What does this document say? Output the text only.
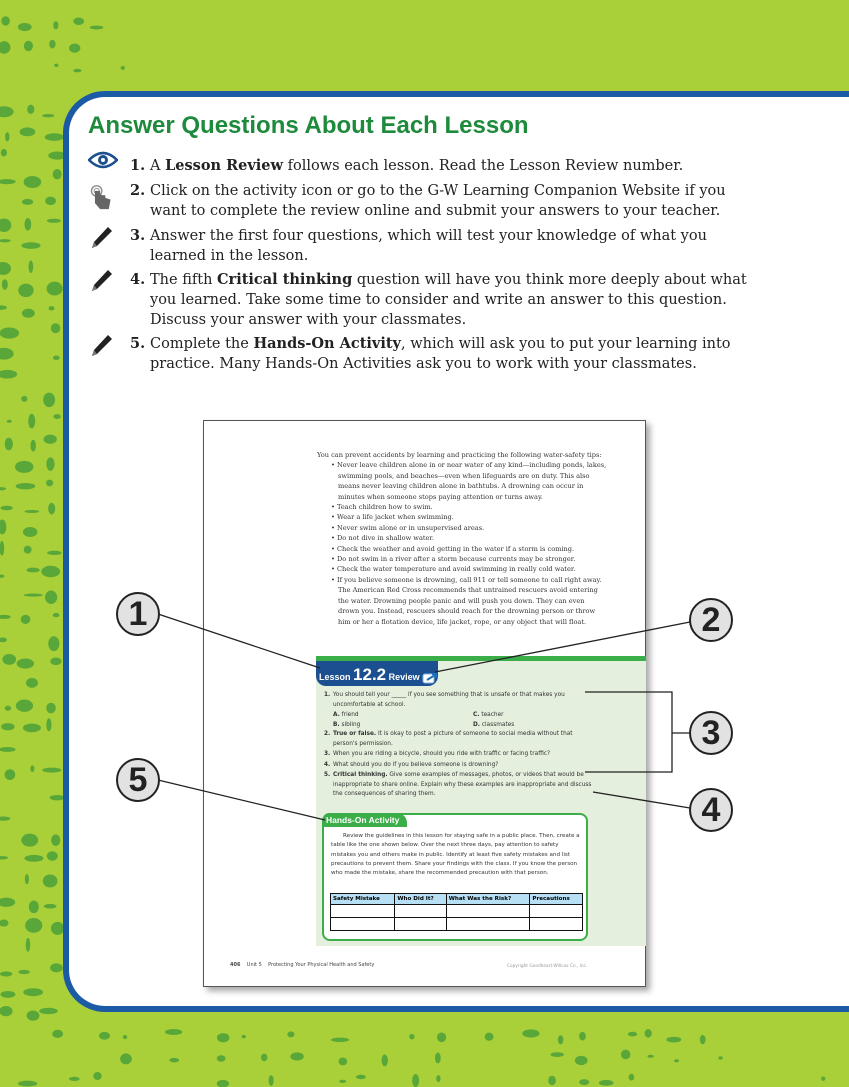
Answer Questions About Each Lesson
1. A Lesson Review follows each lesson. Read the Lesson Review number.
2. Click on the activity icon or go to the G-W Learning Companion Website if you want to complete the review online and submit your answers to your teacher.
3. Answer the first four questions, which will test your knowledge of what you learned in the lesson.
4. The fifth Critical thinking question will have you think more deeply about what you learned. Take some time to consider and write an answer to this question. Discuss your answer with your classmates.
5. Complete the Hands-On Activity, which will ask you to put your learning into practice. Many Hands-On Activities ask you to work with your classmates.

You can prevent accidents by learning and practicing the following water-safety tips:

• Never leave children alone in or near water of any kind—including ponds, lakes, swimming pools, and beaches—even when lifeguards are on duty. This also means never leaving children alone in bathtubs. A drowning can occur in minutes when someone stops paying attention or turns away.
• Teach children how to swim.
• Wear a life jacket when swimming.
• Never swim alone or in unsupervised areas.
• Do not dive in shallow water.
• Check the weather and avoid getting in the water if a storm is coming.
• Do not swim in a river after a storm because currents may be stronger.
• Check the water temperature and avoid swimming in really cold water.
• If you believe someone is drowning, call 911 or tell someone to call right away. The American Red Cross recommends that untrained rescuers avoid entering the water. Drowning people panic and will push you down. They can even drown you. Instead, rescuers should reach for the drowning person or throw him or her a flotation device, life jacket, rope, or any object that will float.
Lesson 12.2 Review
1. You should tell your _____ if you see something that is unsafe or that makes you uncomfortable at school.
A. friend	C. teacher
B. sibling	D. classmates
2. True or false. It is okay to post a picture of someone to social media without that person's permission.
3. When you are riding a bicycle, should you ride with traffic or facing traffic?
4. What should you do if you believe someone is drowning?
5. Critical thinking. Give some examples of messages, photos, or videos that would be inappropriate to share online. Explain why these examples are inappropriate and discuss the consequences of sharing them.
Hands-On Activity
Review the guidelines in this lesson for staying safe in a public place. Then, create a table like the one shown below. Over the next three days, pay attention to safety mistakes you and others make in public. Identify at least five safety mistakes and list precautions to prevent them. Share your findings with the class. If you know the person who made the mistake, share the recommended precaution with that person.
Safety Mistake	Who Did It?	What Was the Risk?	Precautions

406 Unit 5 Protecting Your Physical Health and Safety	Copyright Goodheart-Willcox Co., Inc.
1	2
3
4
5
